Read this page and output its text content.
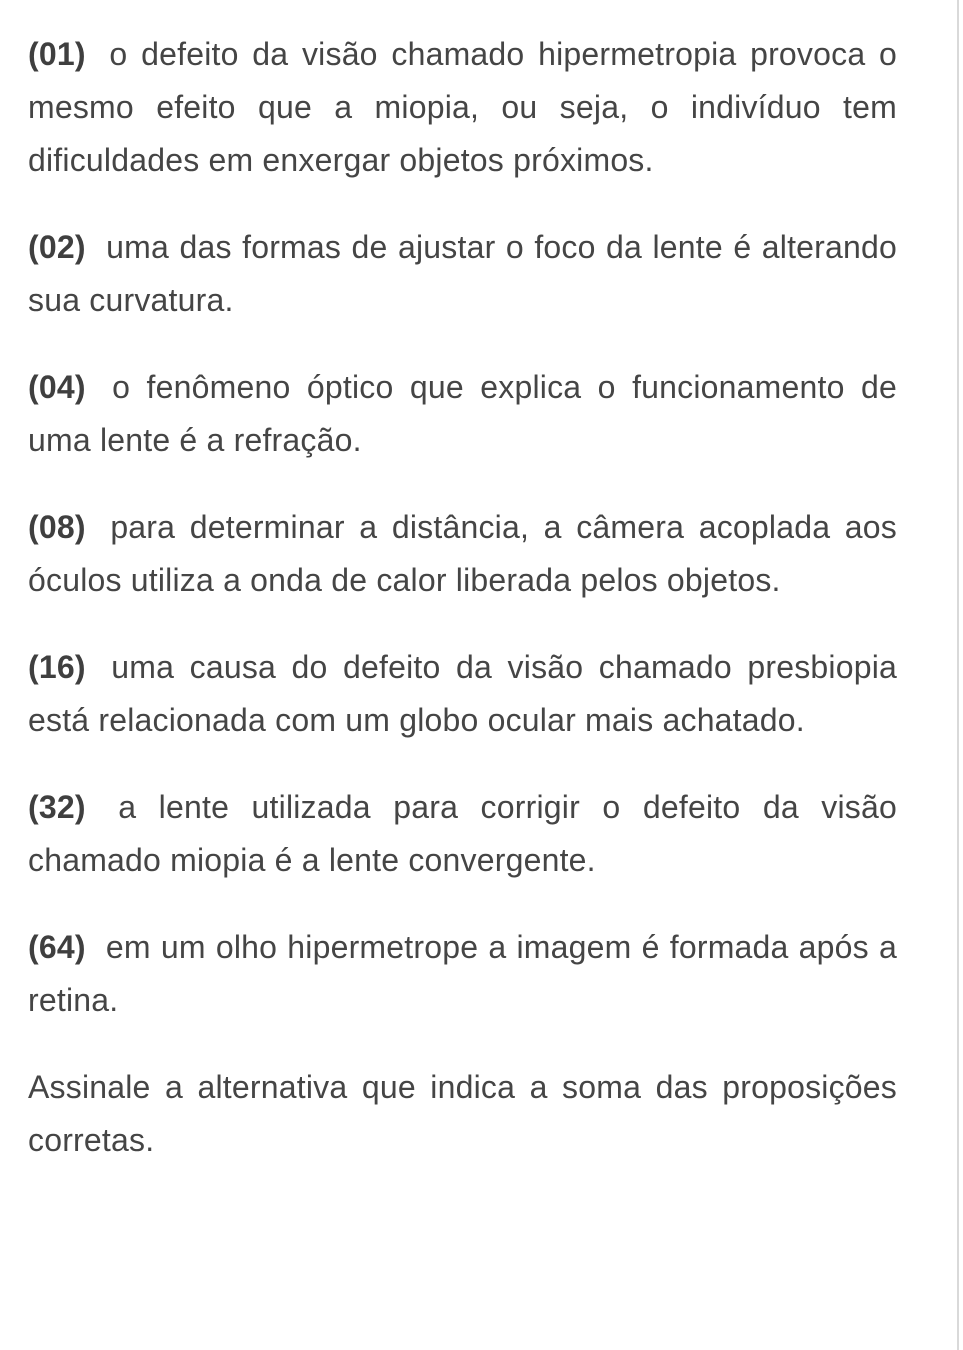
(01) o defeito da visão chamado hipermetropia provoca o mesmo efeito que a miopia, ou seja, o indivíduo tem dificuldades em enxergar objetos próximos.

(02) uma das formas de ajustar o foco da lente é alterando sua curvatura.

(04) o fenômeno óptico que explica o funcionamento de uma lente é a refração.

(08) para determinar a distância, a câmera acoplada aos óculos utiliza a onda de calor liberada pelos objetos.

(16) uma causa do defeito da visão chamado presbiopia está relacionada com um globo ocular mais achatado.

(32) a lente utilizada para corrigir o defeito da visão chamado miopia é a lente convergente.

(64) em um olho hipermetrope a imagem é formada após a retina.

Assinale a alternativa que indica a soma das proposições corretas.
